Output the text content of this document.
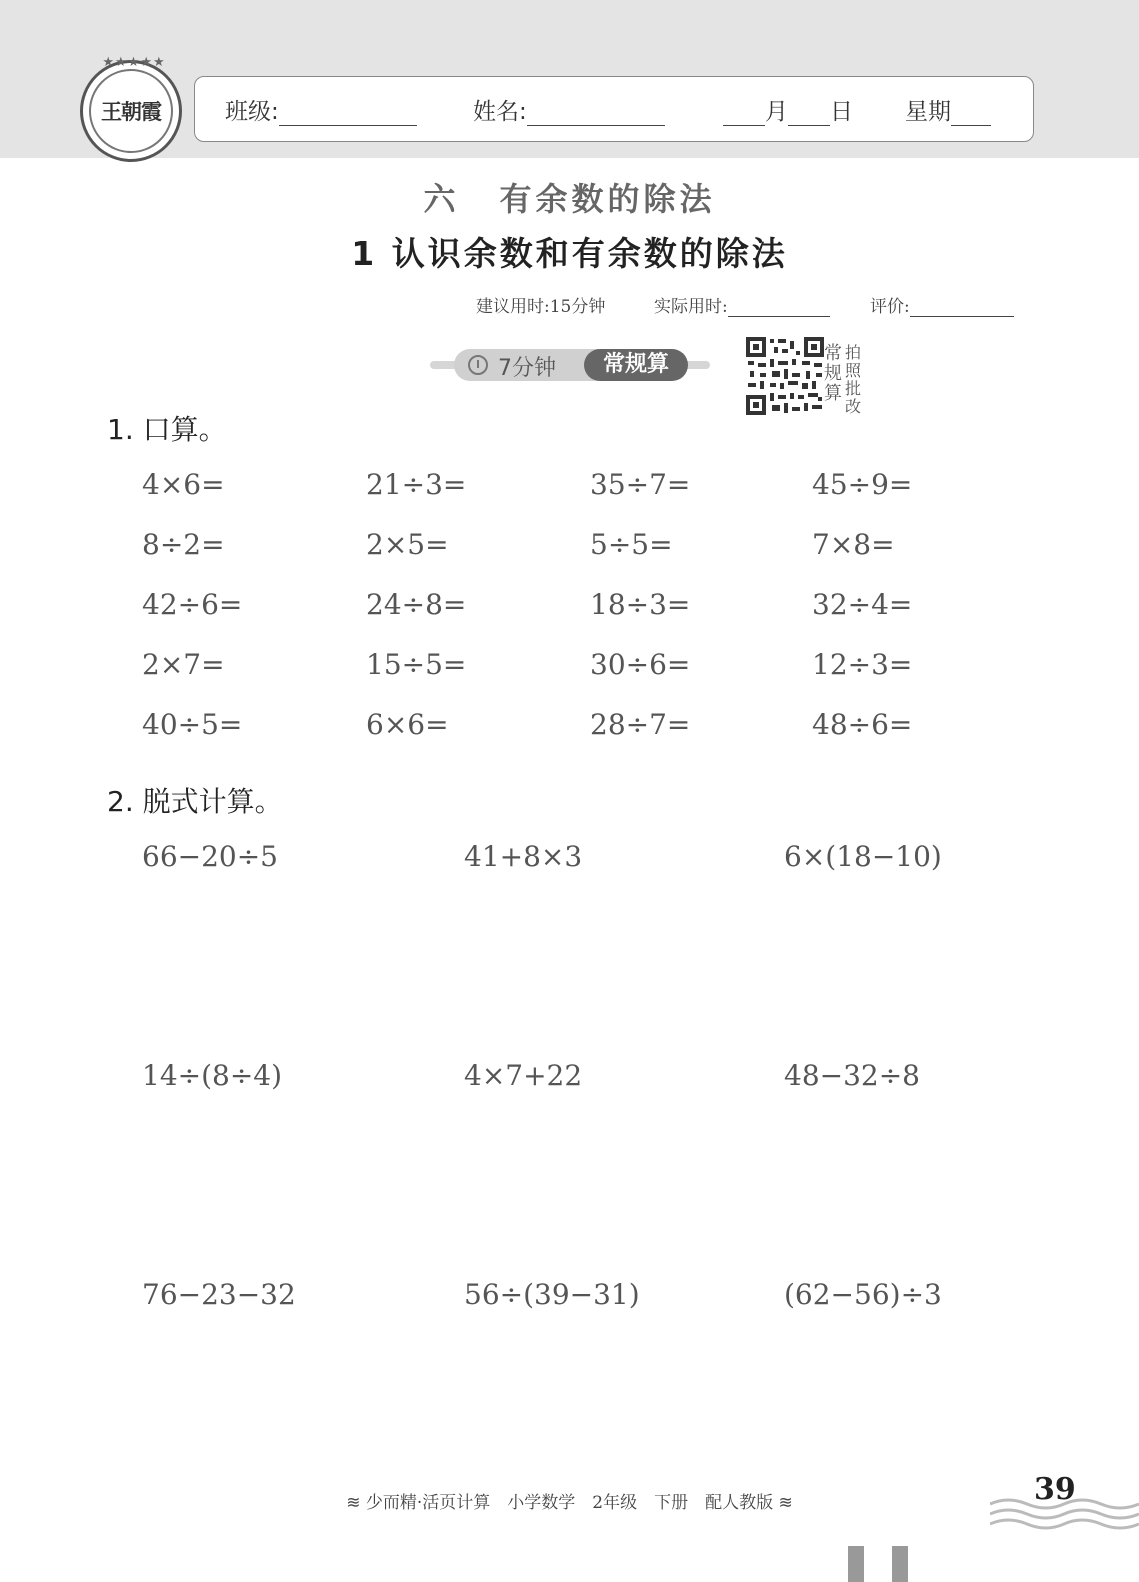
★★★★★
王朝霞	班级:	姓名:	月 日 星期
六 有余数的除法
1 认识余数和有余数的除法
建议用时:15分钟	实际用时:	评价:
7分钟	常规算	常规算
拍照批改
1. 口算。
4×6=	21÷3=	35÷7=	45÷9=
8÷2=	2×5=	5÷5=	7×8=
42÷6=	24÷8=	18÷3=	32÷4=
2×7=	15÷5=	30÷6=	12÷3=
40÷5=	6×6=	28÷7=	48÷6=
2. 脱式计算。
66−20÷5	41+8×3	6×(18−10)
14÷(8÷4)	4×7+22	48−32÷8
76−23−32	56÷(39−31)	(62−56)÷3
≋ 少而精·活页计算　小学数学　2年级　下册　配人教版 ≋	39
